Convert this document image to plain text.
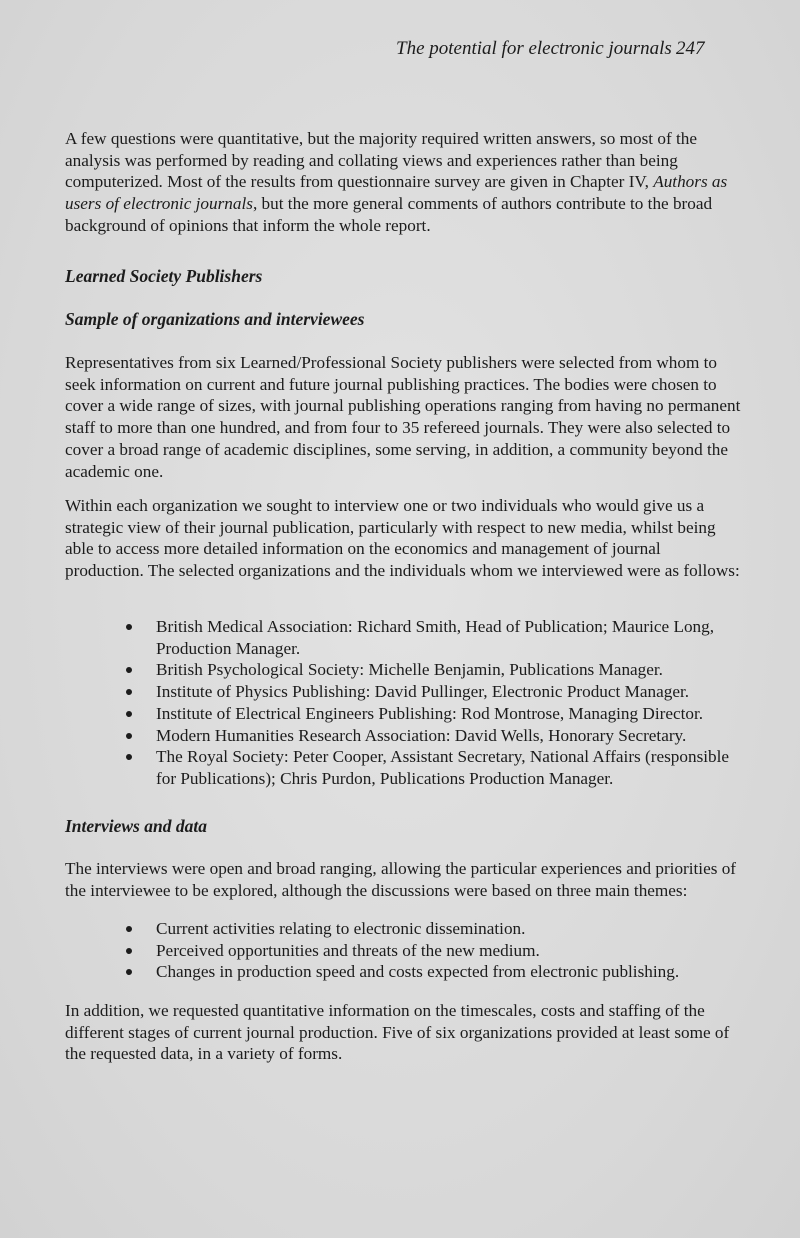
The potential for electronic journals 247

A few questions were quantitative, but the majority required written answers, so most of the analysis was performed by reading and collating views and experiences rather than being computerized. Most of the results from questionnaire survey are given in Chapter IV, Authors as users of electronic journals, but the more general comments of authors contribute to the broad background of opinions that inform the whole report.

Learned Society Publishers
Sample of organizations and interviewees

Representatives from six Learned/Professional Society publishers were selected from whom to seek information on current and future journal publishing practices. The bodies were chosen to cover a wide range of sizes, with journal publishing operations ranging from having no permanent staff to more than one hundred, and from four to 35 refereed journals. They were also selected to cover a broad range of academic disciplines, some serving, in addition, a community beyond the academic one.

Within each organization we sought to interview one or two individuals who would give us a strategic view of their journal publication, particularly with respect to new media, whilst being able to access more detailed information on the economics and management of journal production. The selected organizations and the individuals whom we interviewed were as follows:

British Medical Association: Richard Smith, Head of Publication; Maurice Long, Production Manager.
British Psychological Society: Michelle Benjamin, Publications Manager.
Institute of Physics Publishing: David Pullinger, Electronic Product Manager.
Institute of Electrical Engineers Publishing: Rod Montrose, Managing Director.
Modern Humanities Research Association: David Wells, Honorary Secretary.
The Royal Society: Peter Cooper, Assistant Secretary, National Affairs (responsible for Publications); Chris Purdon, Publications Production Manager.
Interviews and data

The interviews were open and broad ranging, allowing the particular experiences and priorities of the interviewee to be explored, although the discussions were based on three main themes:

Current activities relating to electronic dissemination.
Perceived opportunities and threats of the new medium.
Changes in production speed and costs expected from electronic publishing.

In addition, we requested quantitative information on the timescales, costs and staffing of the different stages of current journal production. Five of six organizations provided at least some of the requested data, in a variety of forms.
